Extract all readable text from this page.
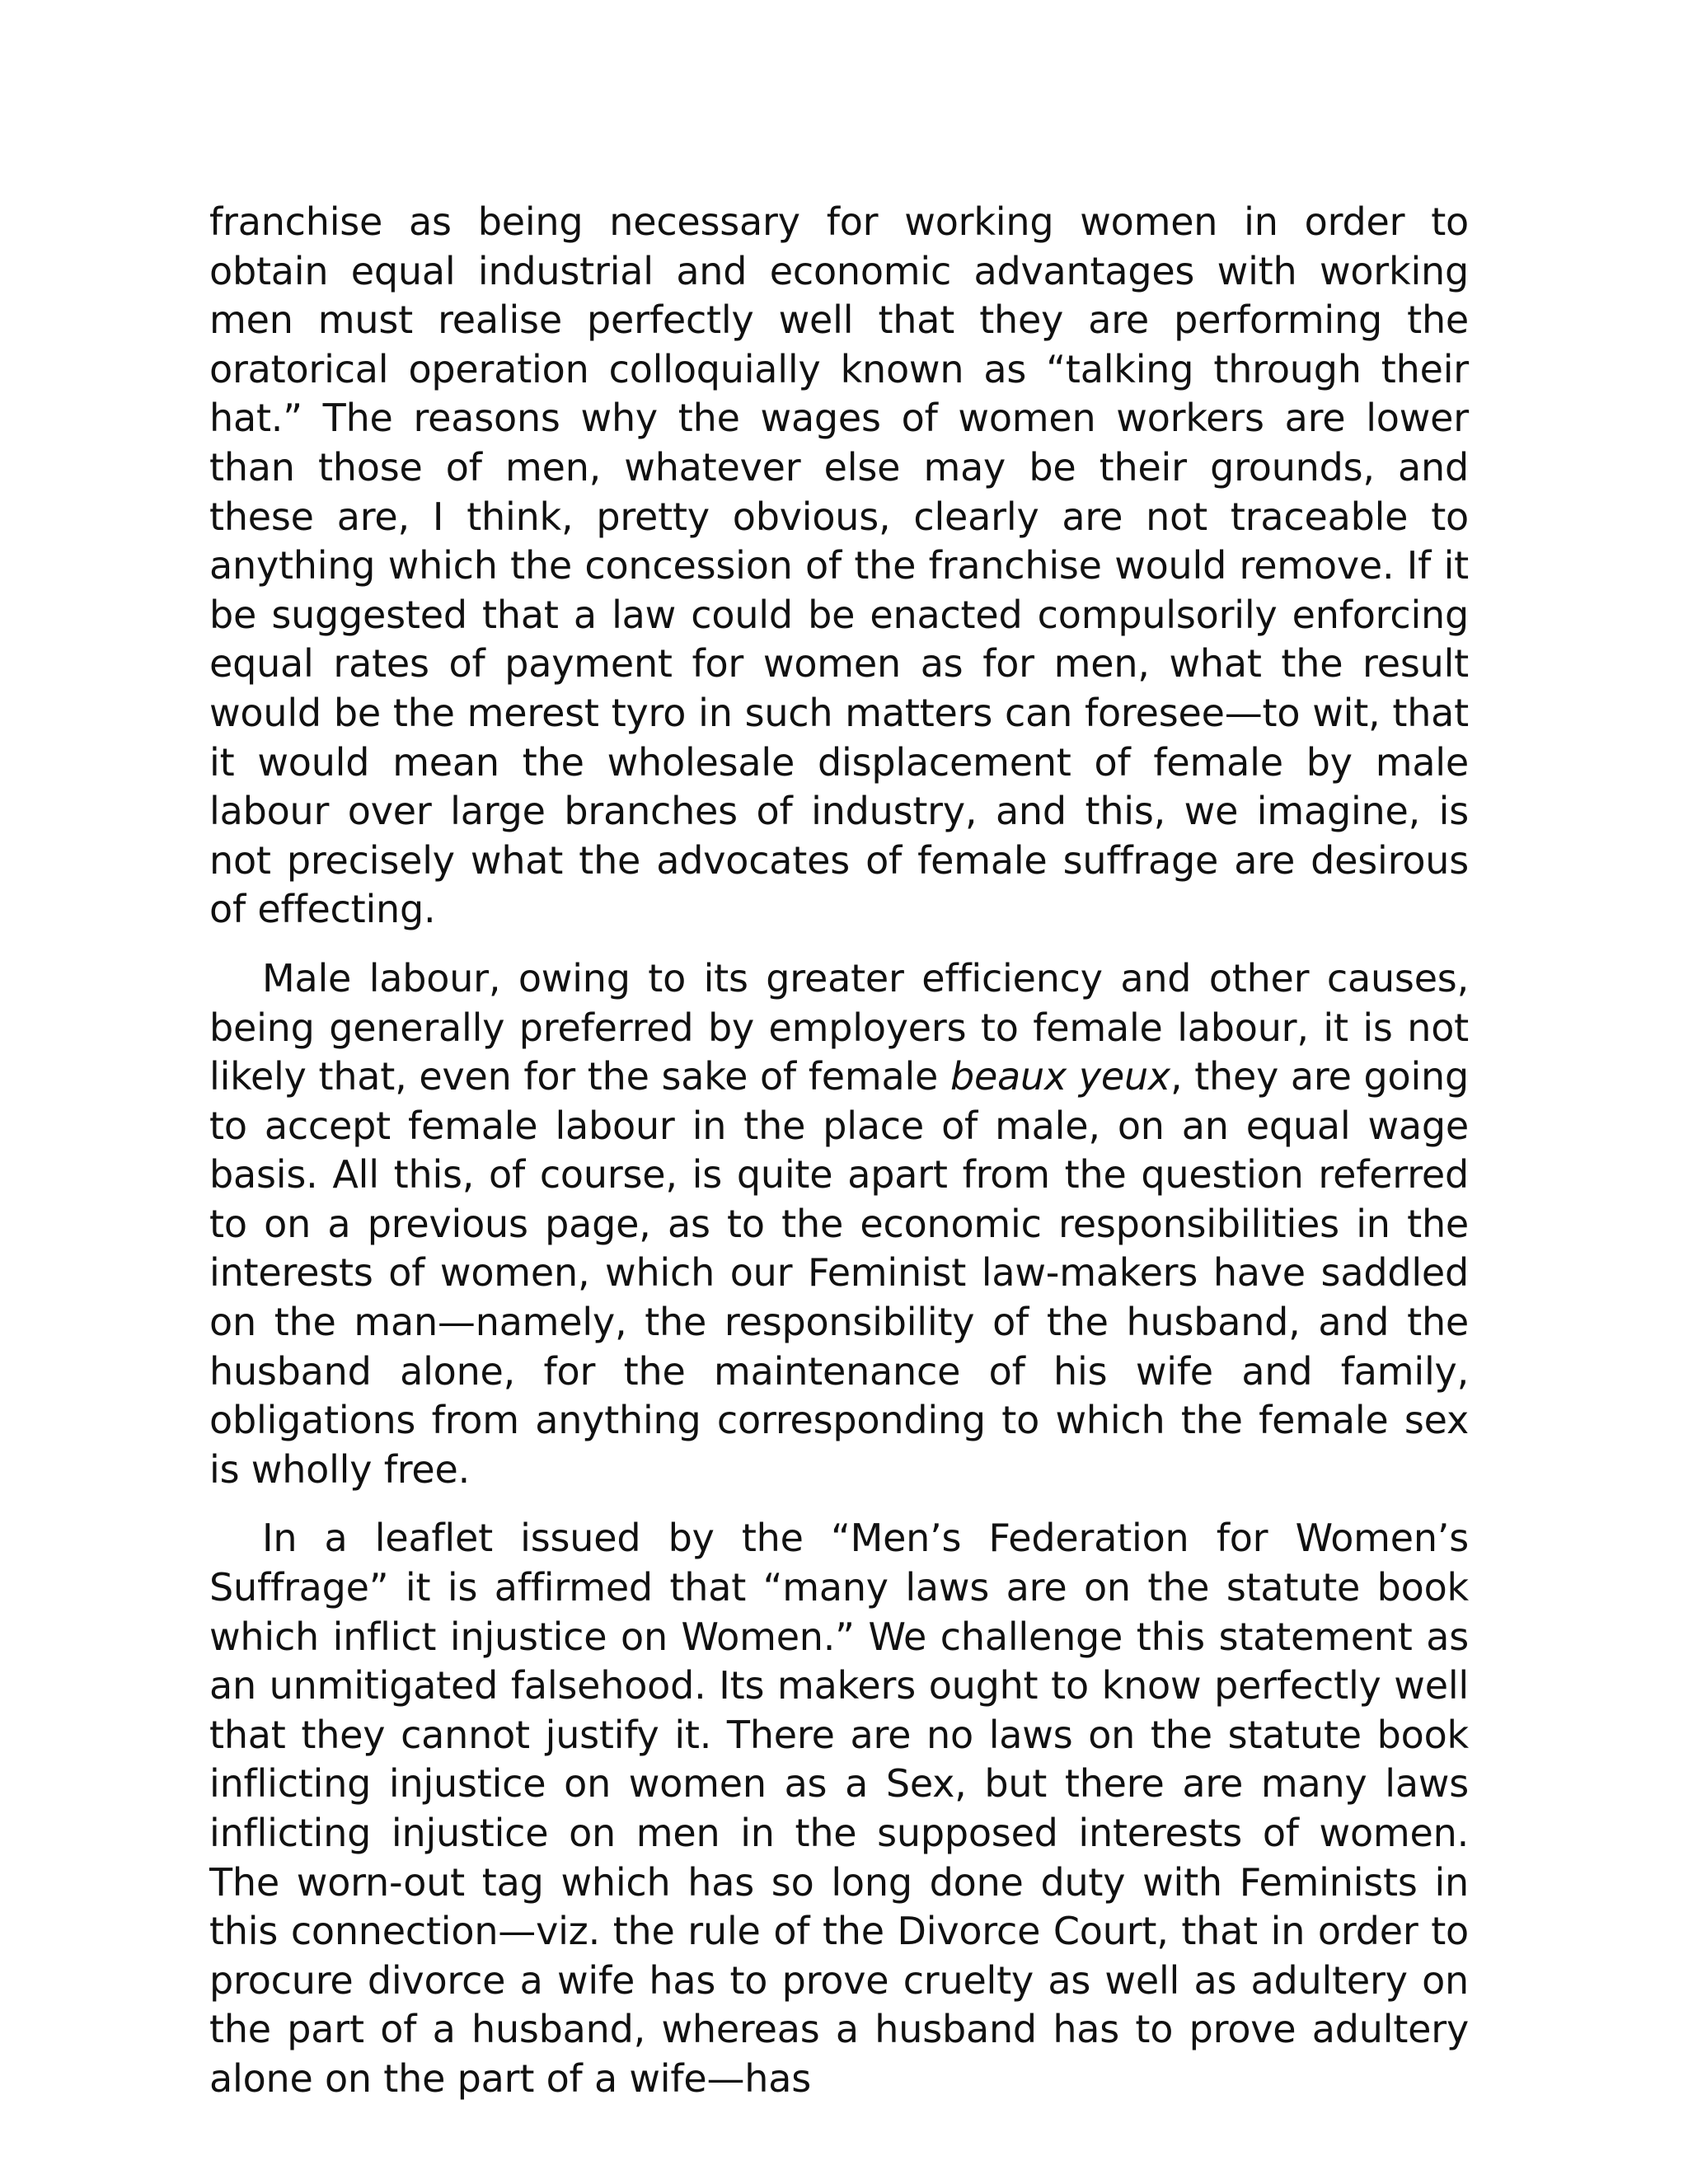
franchise as being necessary for working women in order to obtain equal industrial and economic advantages with working men must realise perfectly well that they are performing the oratorical operation colloquially known as “talking through their hat.” The reasons why the wages of women workers are lower than those of men, whatever else may be their grounds, and these are, I think, pretty obvious, clearly are not traceable to anything which the concession of the franchise would remove. If it be suggested that a law could be enacted compulsorily enforcing equal rates of payment for women as for men, what the result would be the merest tyro in such matters can foresee—to wit, that it would mean the wholesale displacement of female by male labour over large branches of industry, and this, we imagine, is not precisely what the advocates of female suffrage are desirous of effecting.

Male labour, owing to its greater efficiency and other causes, being generally preferred by employers to female labour, it is not likely that, even for the sake of female beaux yeux, they are going to accept female labour in the place of male, on an equal wage basis. All this, of course, is quite apart from the question referred to on a previous page, as to the economic responsibilities in the interests of women, which our Feminist law-makers have saddled on the man—namely, the responsibility of the husband, and the husband alone, for the maintenance of his wife and family, obligations from anything corresponding to which the female sex is wholly free.

In a leaflet issued by the “Men’s Federation for Women’s Suffrage” it is affirmed that “many laws are on the statute book which inflict injustice on Women.” We challenge this statement as an unmitigated falsehood. Its makers ought to know perfectly well that they cannot justify it. There are no laws on the statute book inflicting injustice on women as a Sex, but there are many laws inflicting injustice on men in the supposed interests of women. The worn-out tag which has so long done duty with Feminists in this connection—viz. the rule of the Divorce Court, that in order to procure divorce a wife has to prove cruelty as well as adultery on the part of a husband, whereas a husband has to prove adultery alone on the part of a wife—has
